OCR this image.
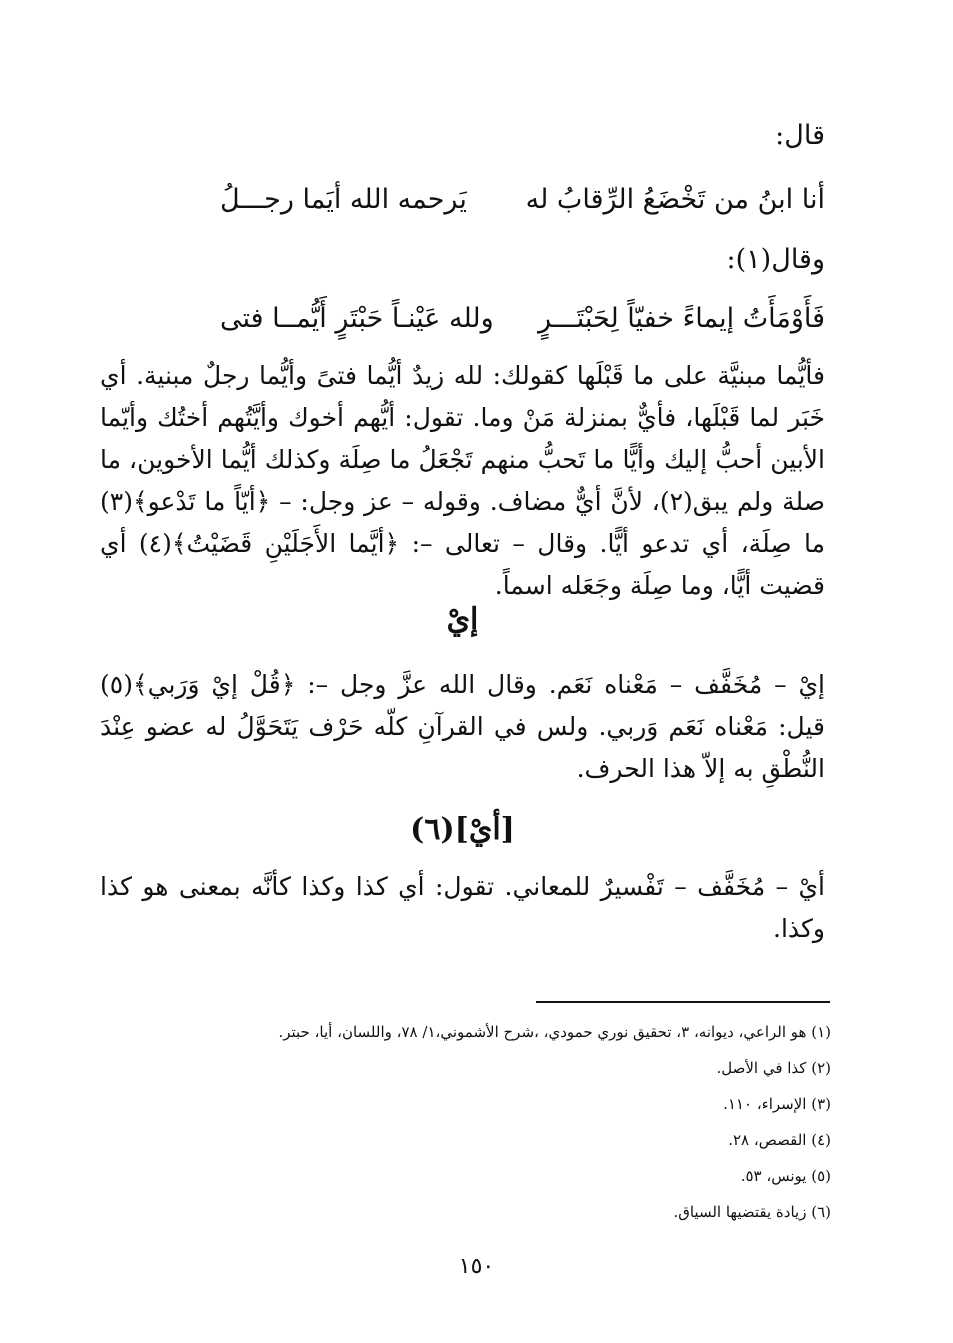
قال:
أنا ابنُ من تَخْضَعُ الرِّقابُ له
يَرحمه الله أيَما رجـــلُ
وقال(١):
فَأَوْمَأَتُ إيماءً خفيّاً لِحَبْتَـــرٍ
ولله عَيْنـاً حَبْتَرٍ أَيُّمــا فتى
فأيُّما مبنيَّة على ما قَبْلَها كقولك: لله زيدٌ أيُّما فتىً وأيُّما رجلٌ مبنية. أي خَبَر لما قَبْلَها، فأيٌّ بمنزلة مَنْ وما. تقول: أيُّهم أخوك وأيَّتُهم أختُك وأيّما الأبين أحبُّ إليك وأيًّا ما تَحبُّ منهم تَجْعَلُ ما صِلَة وكذلك أيُّما الأخوين، ما صلة ولم يبق(٢)، لأنَّ أيٌّ مضاف. وقوله – عز وجل: – ﴿أيّاً ما تَدْعو﴾(٣) ما صِلَة، أي تدعو أيًّا. وقال – تعالى –: ﴿أيَّما الأَجَلَيْنِ قَضَيْتُ﴾(٤) أي قضيت أيًّا، وما صِلَة وجَعَله اسماً.
إيْ
إيْ – مُخَفَّف – مَعْناه نَعَم. وقال الله عزَّ وجل –: ﴿قُلْ إيْ وَرَبي﴾(٥) قيل: مَعْناه نَعَم وَربي. ولس في القرآنِ كلّه حَرْف يَتَحَوَّلُ له عضو عِنْدَ النُّطْقِ به إلاّ هذا الحرف.
[أيْ](٦)
أيْ – مُخَفَّف – تَفْسيرٌ للمعاني. تقول: أي كذا وكذا كأنَّه بمعنى هو كذا وكذا.
(١) هو الراعي، ديوانه، ٣، تحقيق نوري حمودي، ،شرح الأشموني،١/ ٧٨، واللسان، أيا، حبتر.
(٢) كذا في الأصل.
(٣) الإسراء، ١١٠.
(٤) القصص، ٢٨.
(٥) يونس، ٥٣.
(٦) زيادة يقتضيها السياق.
١٥٠
